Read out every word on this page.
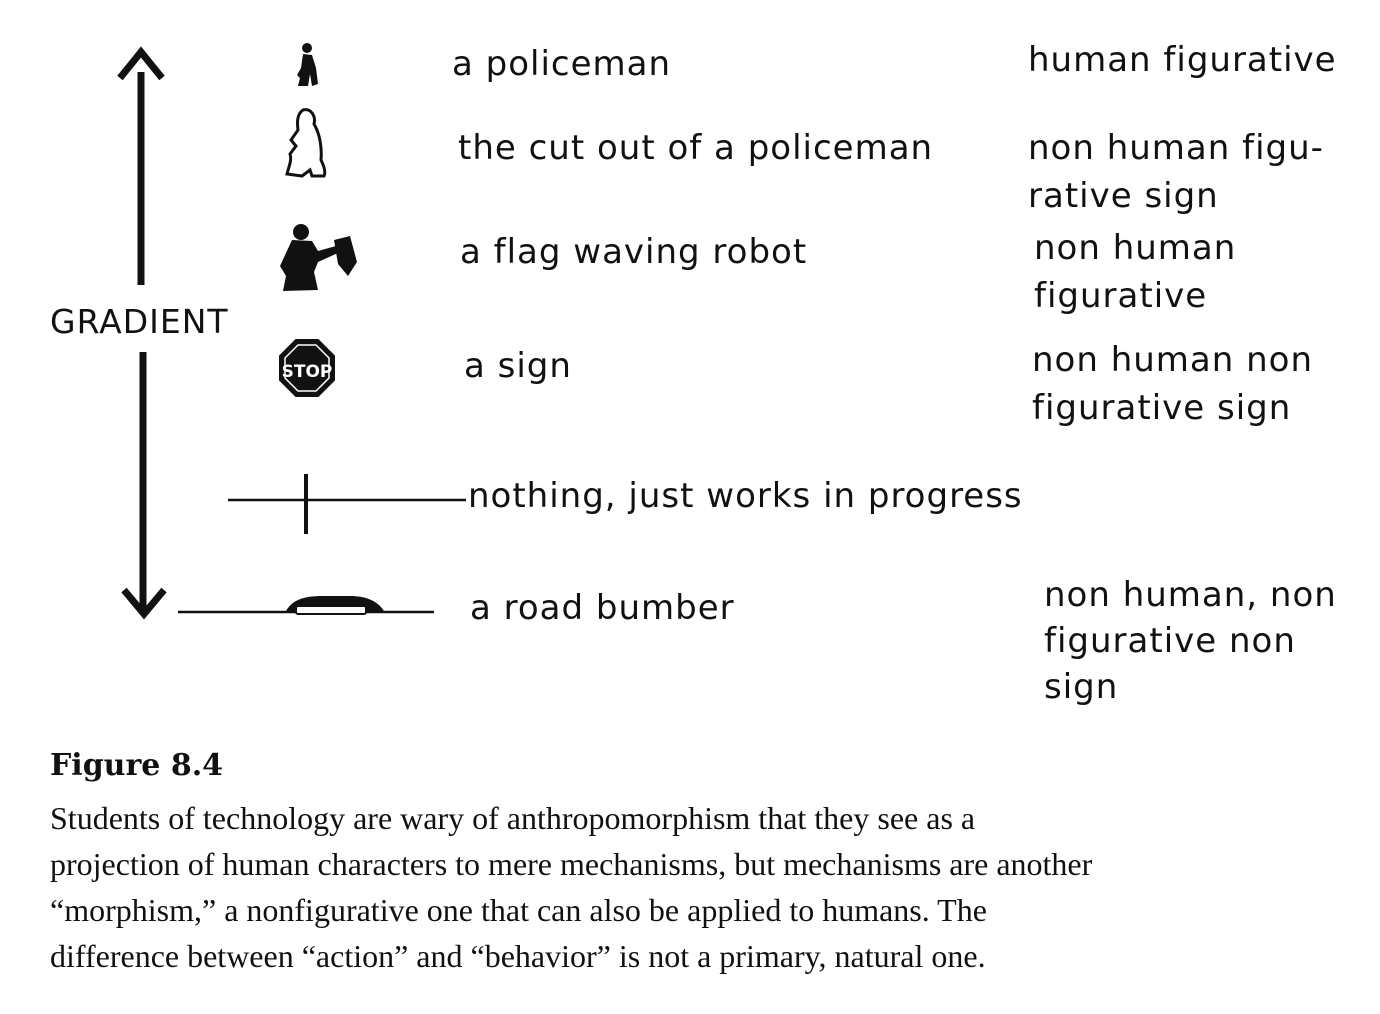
STOP
GRADIENT
a policeman
the cut out of a policeman
a flag waving robot
a sign
nothing, just works in progress
a road bumber
human figurative
non human figu-
rative sign
non human
figurative
non human non
figurative sign
non human, non
figurative non
sign
Figure 8.4
Students of technology are wary of anthropomorphism that they see as a
projection of human characters to mere mechanisms, but mechanisms are another
“morphism,” a nonfigurative one that can also be applied to humans. The
difference between “action” and “behavior” is not a primary, natural one.
